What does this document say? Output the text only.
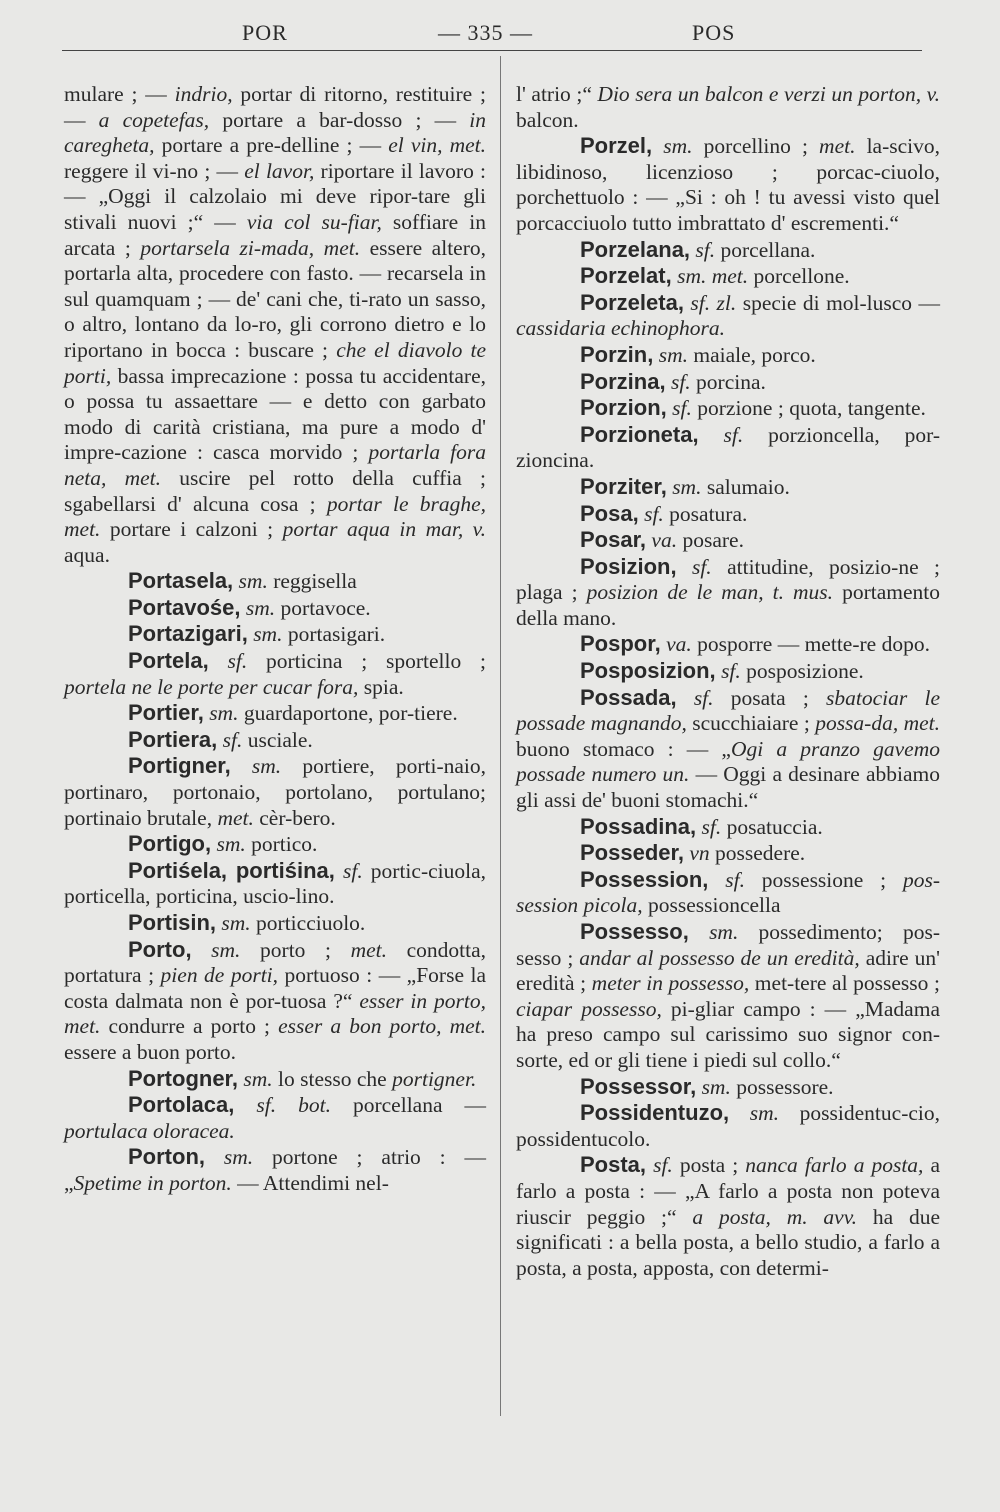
POR	— 335 —	POS

mulare ; — indrio, portar di ritorno, restituire ; — a copetefas, portare a bar-dosso ; — in caregheta, portare a pre-delline ; — el vin, met. reggere il vi-no ; — el lavor, riportare il lavoro : — „Oggi il calzolaio mi deve ripor-tare gli stivali nuovi ;“ — via col su-fiar, soffiare in arcata ; portarsela zi-mada, met. essere altero, portarla alta, procedere con fasto. — recarsela in sul quamquam ; — de' cani che, ti-rato un sasso, o altro, lontano da lo-ro, gli corrono dietro e lo riportano in bocca : buscare ; che el diavolo te porti, bassa imprecazione : possa tu accidentare, o possa tu assaettare — e detto con garbato modo di carità cristiana, ma pure a modo d' impre-cazione : casca morvido ; portarla fora neta, met. uscire pel rotto della cuffia ; sgabellarsi d' alcuna cosa ; portar le braghe, met. portare i calzoni ; portar aqua in mar, v. aqua.

Portasela, sm. reggisella

Portavośe, sm. portavoce.

Portazigari, sm. portasigari.

Portela, sf. porticina ; sportello ; portela ne le porte per cucar fora, spia.

Portier, sm. guardaportone, por-tiere.

Portiera, sf. usciale.

Portigner, sm. portiere, porti-naio, portinaro, portonaio, portolano, portulano; portinaio brutale, met. cèr-bero.

Portigo, sm. portico.

Portiśela, portiśina, sf. portic-ciuola, porticella, porticina, uscio-lino.

Portisin, sm. porticciuolo.

Porto, sm. porto ; met. condotta, portatura ; pien de porti, portuoso : — „Forse la costa dalmata non è por-tuosa ?“ esser in porto, met. condurre a porto ; esser a bon porto, met. essere a buon porto.

Portogner, sm. lo stesso che portigner.

Portolaca, sf. bot. porcellana — portulaca oloracea.

Porton, sm. portone ; atrio : — „Spetime in porton. — Attendimi nel-

l' atrio ;“ Dio sera un balcon e verzi un porton, v. balcon.

Porzel, sm. porcellino ; met. la-scivo, libidinoso, licenzioso ; porcac-ciuolo, porchettuolo : — „Si : oh ! tu avessi visto quel porcacciuolo tutto imbrattato d' escrementi.“

Porzelana, sf. porcellana.

Porzelat, sm. met. porcellone.

Porzeleta, sf. zl. specie di mol-lusco — cassidaria echinophora.

Porzin, sm. maiale, porco.

Porzina, sf. porcina.

Porzion, sf. porzione ; quota, tangente.

Porzioneta, sf. porzioncella, por-zioncina.

Porziter, sm. salumaio.

Posa, sf. posatura.

Posar, va. posare.

Posizion, sf. attitudine, posizio-ne ; plaga ; posizion de le man, t. mus. portamento della mano.

Pospor, va. posporre — mette-re dopo.

Posposizion, sf. posposizione.

Possada, sf. posata ; sbatociar le possade magnando, scucchiaiare ; possa-da, met. buono stomaco : — „Ogi a pranzo gavemo possade numero un. — Oggi a desinare abbiamo gli assi de' buoni stomachi.“

Possadina, sf. posatuccia.

Posseder, vn possedere.

Possession, sf. possessione ; pos-session picola, possessioncella

Possesso, sm. possedimento; pos-sesso ; andar al possesso de un eredità, adire un' eredità ; meter in possesso, met-tere al possesso ; ciapar possesso, pi-gliar campo : — „Madama ha preso campo sul carissimo suo signor con-sorte, ed or gli tiene i piedi sul collo.“

Possessor, sm. possessore.

Possidentuzo, sm. possidentuc-cio, possidentucolo.

Posta, sf. posta ; nanca farlo a posta, a farlo a posta : — „A farlo a posta non poteva riuscir peggio ;“ a posta, m. avv. ha due significati : a bella posta, a bello studio, a farlo a posta, a posta, apposta, con determi-
